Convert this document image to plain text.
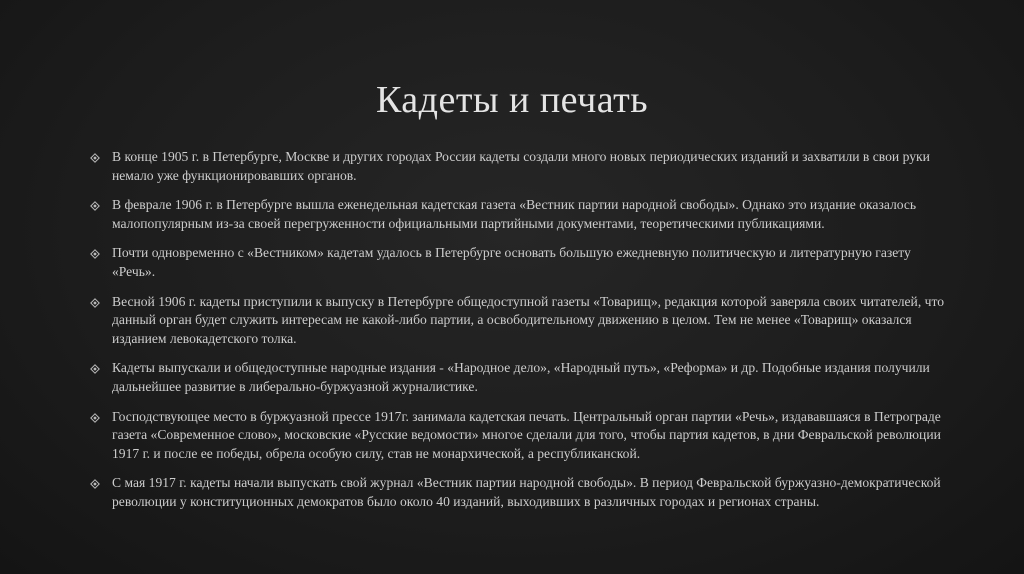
Кадеты и печать
В конце 1905 г. в Петербурге, Москве и других городах России кадеты создали много новых периодических изданий и захватили в свои руки немало уже функционировавших органов.
В феврале 1906 г. в Петербурге вышла еженедельная кадетская газета «Вестник партии народной свободы». Однако это издание оказалось малопопулярным из-за своей перегруженности официальными партийными документами, теоретическими публикациями.
Почти одновременно с «Вестником» кадетам удалось в Петербурге основать большую ежедневную политическую и литературную газету «Речь».
Весной 1906 г. кадеты приступили к выпуску в Петербурге общедоступной газеты «Товарищ», редакция которой заверяла своих читателей, что данный орган будет служить интересам не какой-либо партии, а освободительному движению в целом. Тем не менее «Товарищ» оказался изданием левокадетского толка.
Кадеты выпускали и общедоступные народные издания - «Народное дело», «Народный путь», «Реформа» и др. Подобные издания получили дальнейшее развитие в либерально-буржуазной журналистике.
Господствующее место в буржуазной прессе 1917г. занимала кадетская печать. Центральный орган партии «Речь», издававшаяся в Петрограде газета «Современное слово», московские «Русские ведомости» многое сделали для того, чтобы партия кадетов, в дни Февральской революции 1917 г. и после ее победы, обрела особую силу, став не монархической, а республиканской.
С мая 1917 г. кадеты начали выпускать свой журнал «Вестник партии народной свободы». В период Февральской буржуазно-демократической революции у конституционных демократов было около 40 изданий, выходивших в различных городах и регионах страны.
